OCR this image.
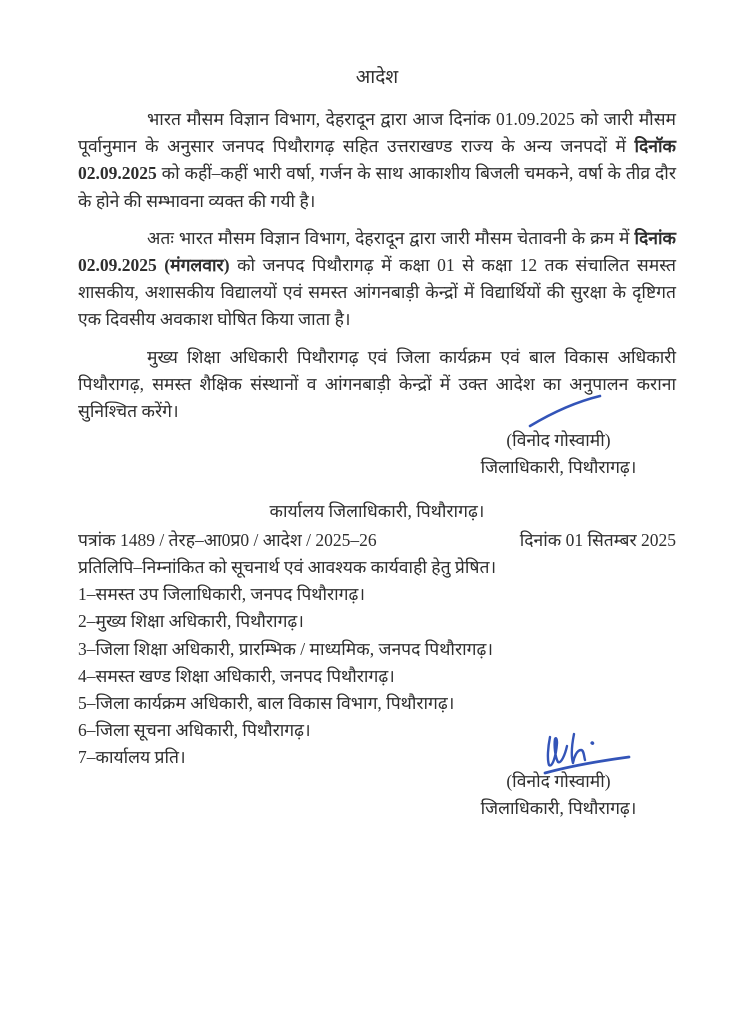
आदेश

भारत मौसम विज्ञान विभाग, देहरादून द्वारा आज दिनांक 01.09.2025 को जारी मौसम पूर्वानुमान के अनुसार जनपद पिथौरागढ़ सहित उत्तराखण्ड राज्य के अन्य जनपदों में दिनॉक 02.09.2025 को कहीं–कहीं भारी वर्षा, गर्जन के साथ आकाशीय बिजली चमकने, वर्षा के तीव्र दौर के होने की सम्भावना व्यक्त की गयी है।

अतः भारत मौसम विज्ञान विभाग, देहरादून द्वारा जारी मौसम चेतावनी के क्रम में दिनांक 02.09.2025 (मंगलवार) को जनपद पिथौरागढ़ में कक्षा 01 से कक्षा 12 तक संचालित समस्त शासकीय, अशासकीय विद्यालयों एवं समस्त आंगनबाड़ी केन्द्रों में विद्यार्थियों की सुरक्षा के दृष्टिगत एक दिवसीय अवकाश घोषित किया जाता है।

मुख्य शिक्षा अधिकारी पिथौरागढ़ एवं जिला कार्यक्रम एवं बाल विकास अधिकारी पिथौरागढ़, समस्त शैक्षिक संस्थानों व आंगनबाड़ी केन्द्रों में उक्त आदेश का अनुपालन कराना सुनिश्चित करेंगे।

(विनोद गोस्वामी)
जिलाधिकारी, पिथौरागढ़।
कार्यालय जिलाधिकारी, पिथौरागढ़।
पत्रांक 1489 / तेरह–आ0प्र0 / आदेश / 2025–26	दिनांक 01 सितम्बर 2025
प्रतिलिपि–निम्नांकित को सूचनार्थ एवं आवश्यक कार्यवाही हेतु प्रेषित।
1–समस्त उप जिलाधिकारी, जनपद पिथौरागढ़।
2–मुख्य शिक्षा अधिकारी, पिथौरागढ़।
3–जिला शिक्षा अधिकारी, प्रारम्भिक / माध्यमिक, जनपद पिथौरागढ़।
4–समस्त खण्ड शिक्षा अधिकारी, जनपद पिथौरागढ़।
5–जिला कार्यक्रम अधिकारी, बाल विकास विभाग, पिथौरागढ़।
6–जिला सूचना अधिकारी, पिथौरागढ़।
7–कार्यालय प्रति।
(विनोद गोस्वामी)
जिलाधिकारी, पिथौरागढ़।
